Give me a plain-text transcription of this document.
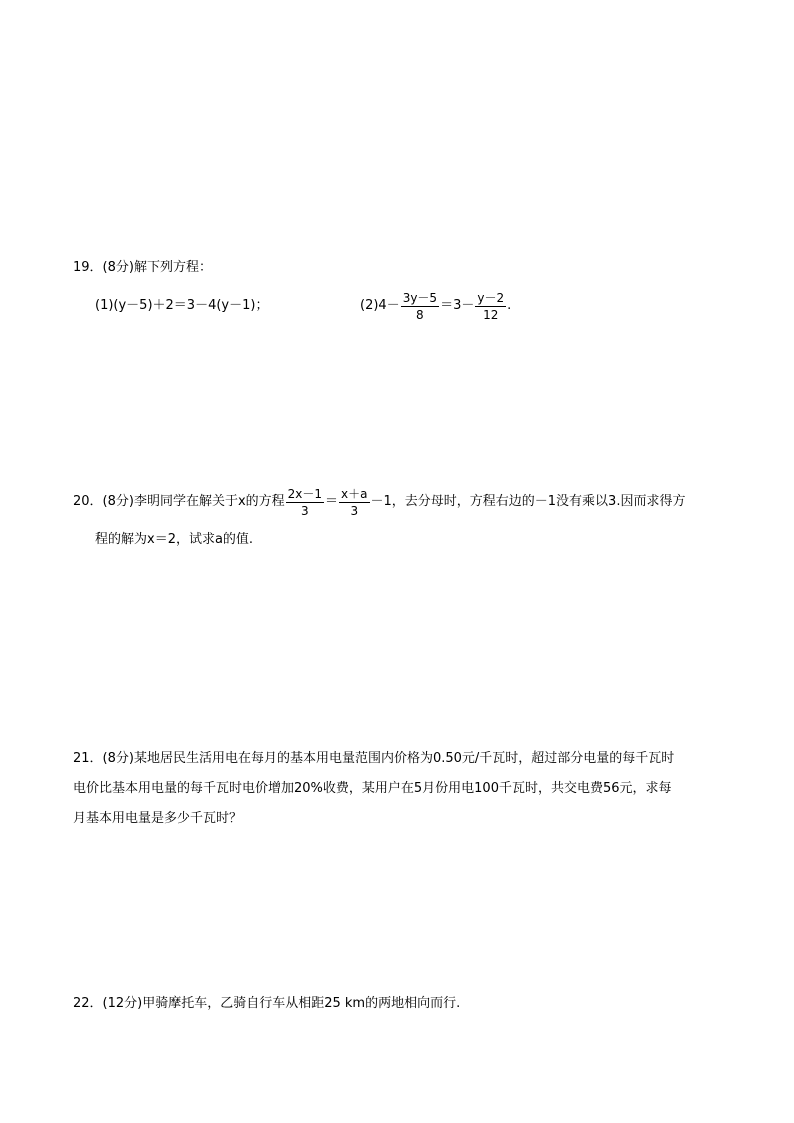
19．(8分)解下列方程：
(1)(y－5)＋2＝3－4(y－1)；	$(2)4- \frac{3y-5}{8} =3- \frac{y-2}{12}$ .
20．(8分)李明同学在解关于x的方程 $\frac{2x-1}{3} = \frac{x+a}{3} -1$，去分母时，方程右边的－1没有乘以3.因而求得方
程的解为x＝2，试求a的值.
21．(8分)某地居民生活用电在每月的基本用电量范围内价格为0.50元/千瓦时，超过部分电量的每千瓦时
电价比基本用电量的每千瓦时电价增加20%收费，某用户在5月份用电100千瓦时，共交电费56元，求每
月基本用电量是多少千瓦时？
22．(12分)甲骑摩托车，乙骑自行车从相距25 km的两地相向而行.
